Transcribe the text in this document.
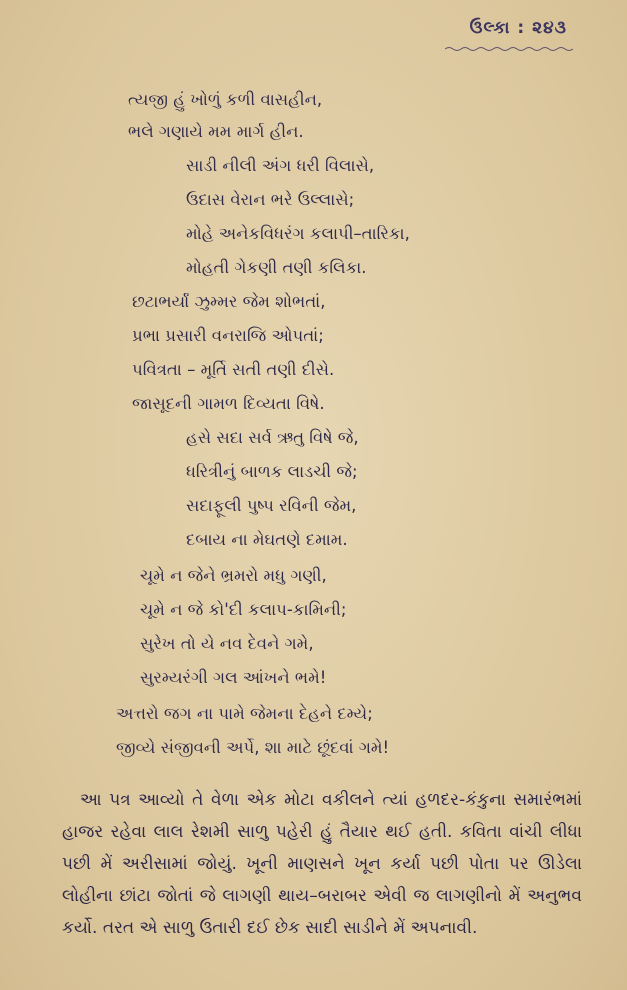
ઉલ્કા : ૨૪૩
ત્યજી હું ખોળું કળી વાસહીન,
ભલે ગણાયે મમ માર્ગ હીન.
સાડી નીલી અંગ ધરી વિલાસે,
ઉદાસ વેરાન ભરે ઉલ્લાસે;
મોહે અનેકવિધરંગ કલાપી–તારિકા,
મોહતી ગેકણી તણી કલિકા.
છટાભર્યાં ઝુમ્મર જેમ શોભતાં,
પ્રભા પ્રસારી વનરાજિ ઓપતાં;
પવિત્રતા – મૂર્તિ સતી તણી દીસે.
જાસૂદની ગામળ દિવ્યતા વિષે.
હસે સદા સર્વ ઋતુ વિષે જે,
ધરિત્રીનું બાળક લાડચી જે;
સદાફૂલી પુષ્પ રવિની જેમ,
દબાય ના મેઘતણે દમામ.
ચૂમે ન જેને ભ્રમરો મધુ ગણી,
ચૂમે ન જે કો'દી કલાપ-કામિની;
સુરેખ તો યે નવ દેવને ગમે,
સુરમ્યરંગી ગલ આંખને ભમે!
અત્તરો જગ ના પામે જેમના દેહને દમ્યે;
જીવ્યે સંજીવની અર્પે, શા માટે છૂંદવાં ગમે!

આ પત્ર આવ્યો તે વેળા એક મોટા વકીલને ત્યાં હળદર-કંકુના સમારંભમાં હાજર રહેવા લાલ રેશમી સાળુ પહેરી હું તૈયાર થઈ હતી. કવિતા વાંચી લીધા પછી મેં અરીસામાં જોયું. ખૂની માણસને ખૂન કર્યા પછી પોતા પર ઊડેલા લોહીના છાંટા જોતાં જે લાગણી થાય–બરાબર એવી જ લાગણીનો મેં અનુભવ કર્યો. તરત એ સાળુ ઉતારી દઈ છેક સાદી સાડીને મેં અપનાવી.
